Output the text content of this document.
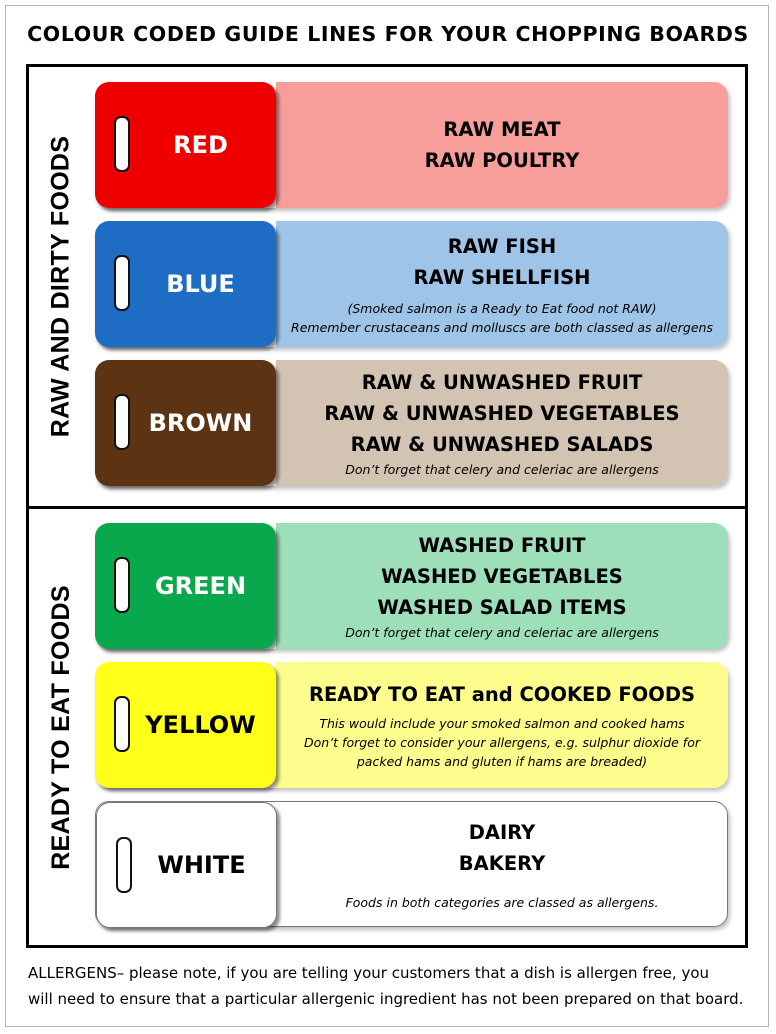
COLOUR CODED GUIDE LINES FOR YOUR CHOPPING BOARDS
RAW AND DIRTY FOODS
READY TO EAT FOODS
RAW MEAT
RAW POULTRY
RED
RAW FISH
RAW SHELLFISH
(Smoked salmon is a Ready to Eat food not RAW)
Remember crustaceans and molluscs are both classed as allergens
BLUE
RAW & UNWASHED FRUIT
RAW & UNWASHED VEGETABLES
RAW & UNWASHED SALADS
Don’t forget that celery and celeriac are allergens
BROWN
WASHED FRUIT
WASHED VEGETABLES
WASHED SALAD ITEMS
Don’t forget that celery and celeriac are allergens
GREEN
READY TO EAT and COOKED FOODS
This would include your smoked salmon and cooked hams
Don’t forget to consider your allergens, e.g. sulphur dioxide for
packed hams and gluten if hams are breaded)
YELLOW
DAIRY
BAKERY
Foods in both categories are classed as allergens.
WHITE
ALLERGENS– please note, if you are telling your customers that a dish is allergen free, you
will need to ensure that a particular allergenic ingredient has not been prepared on that board.
